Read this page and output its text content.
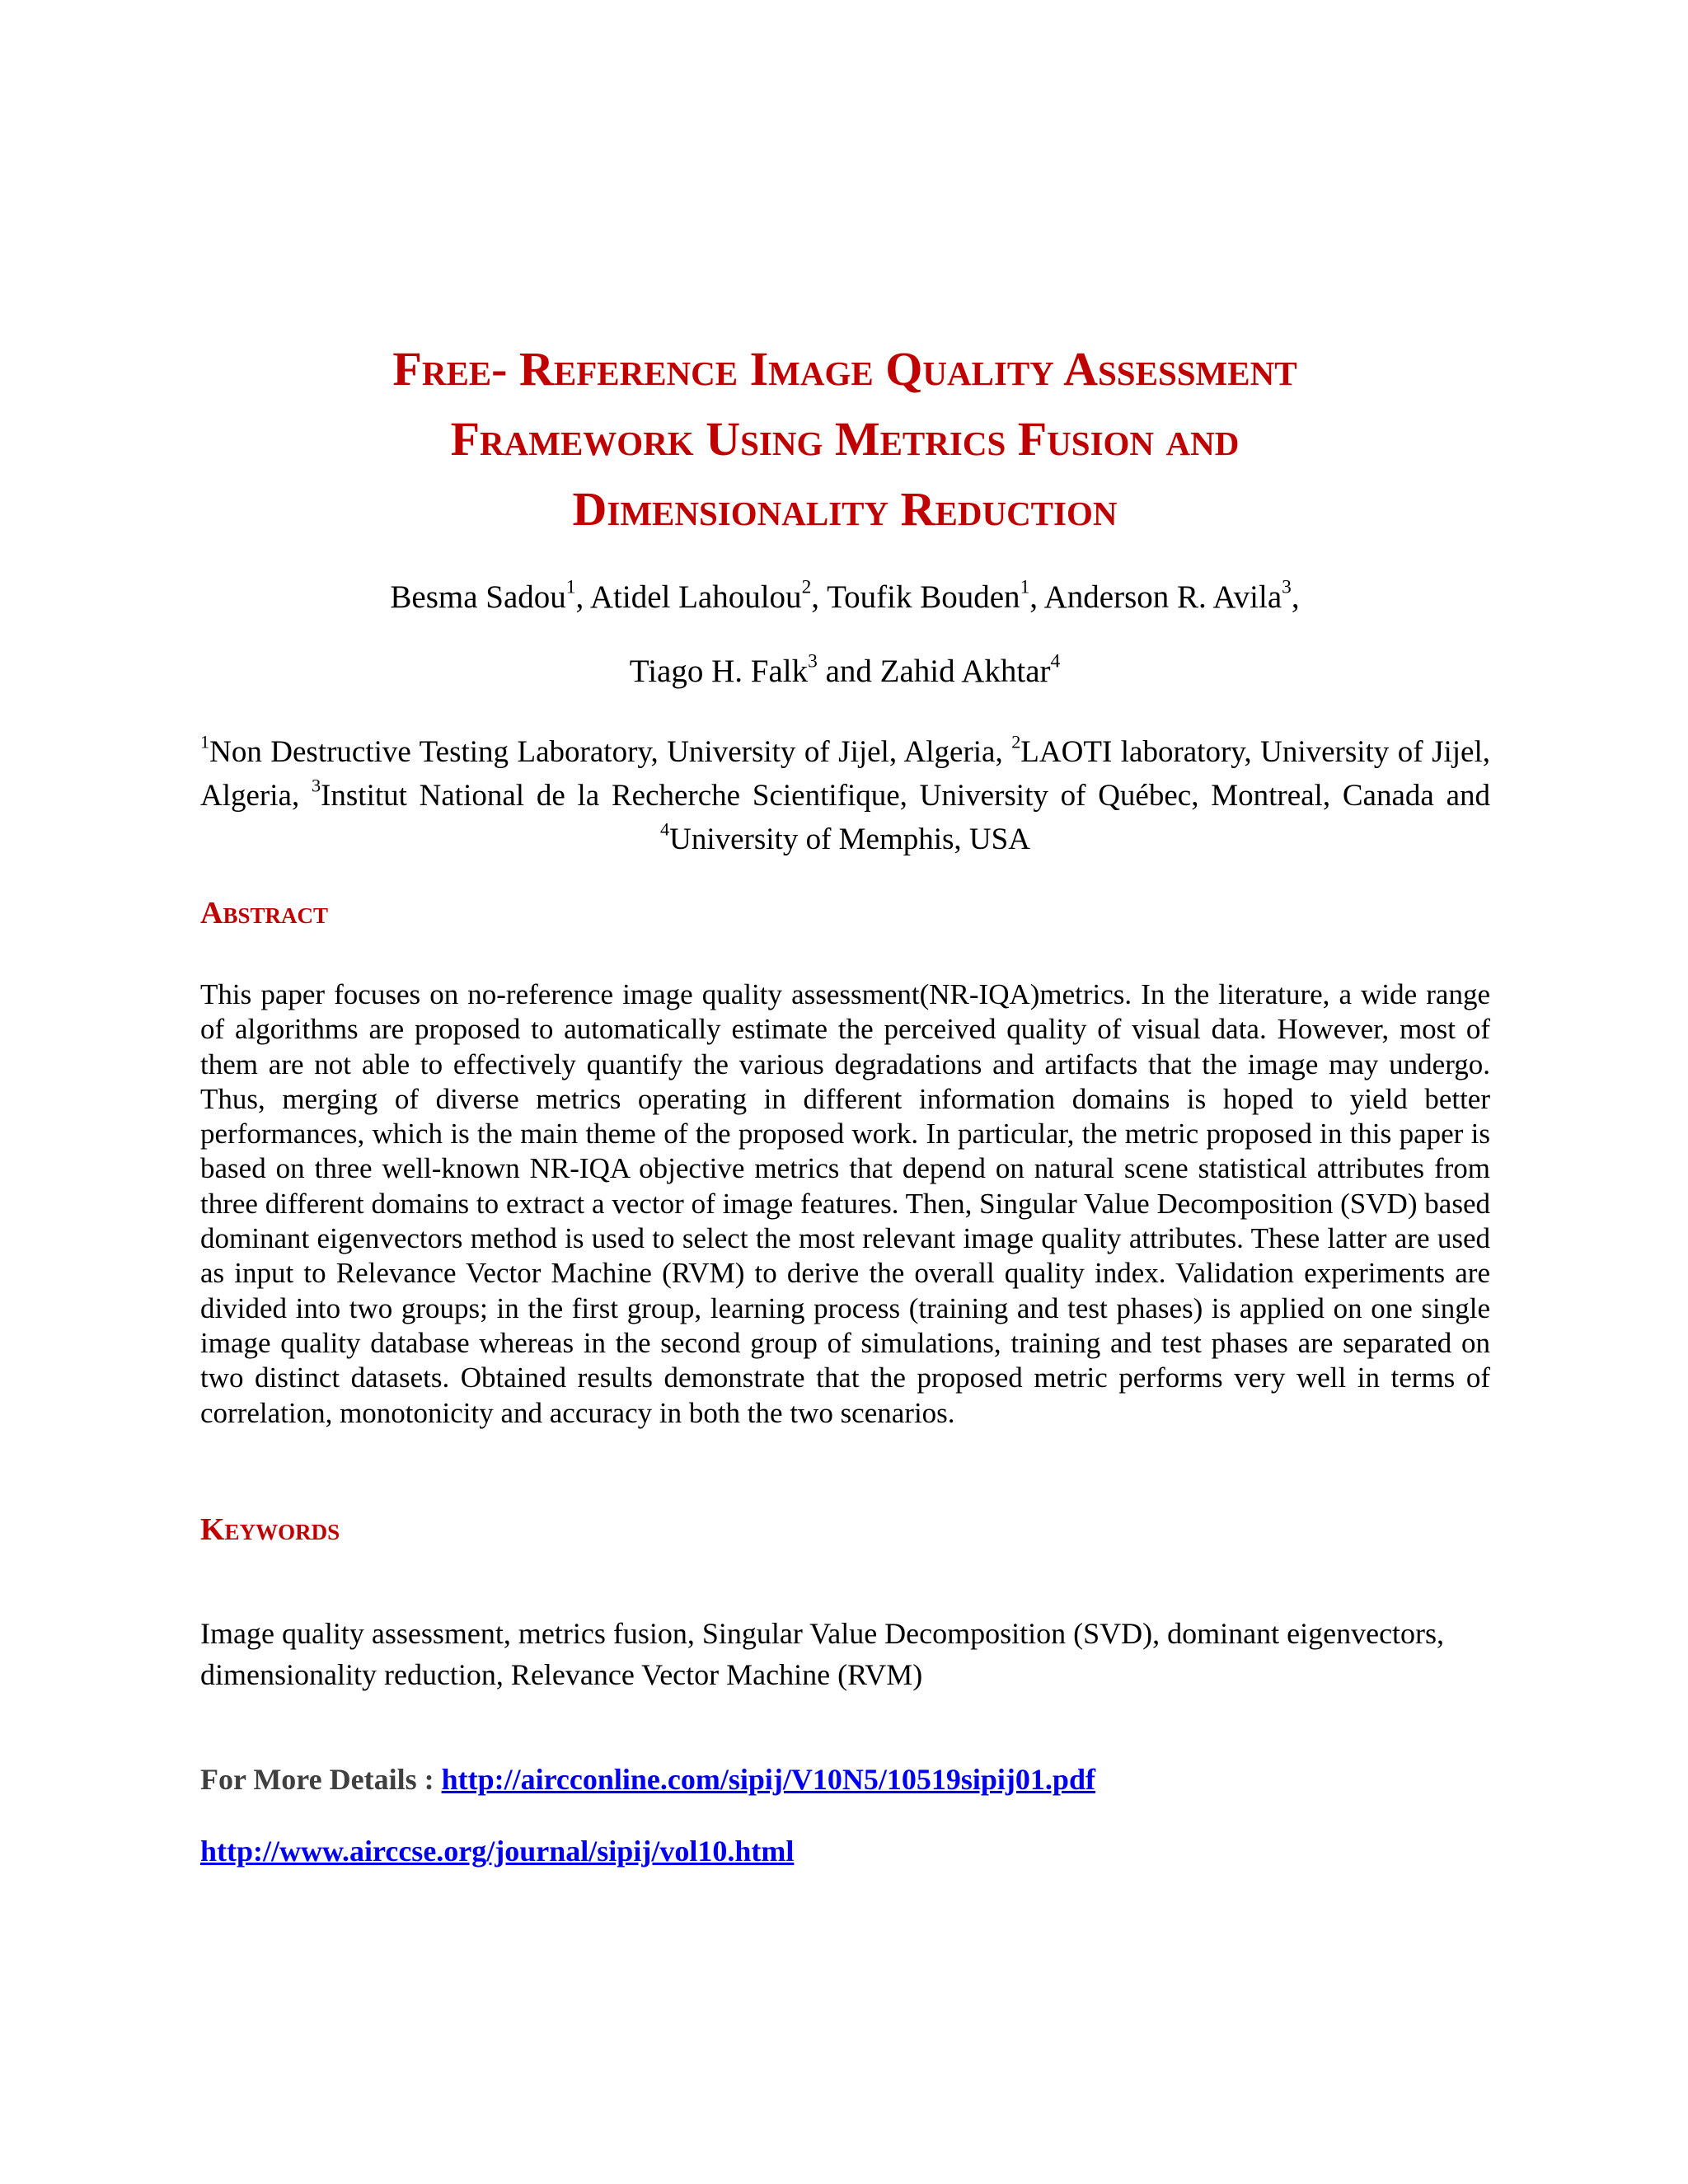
Free- Reference Image Quality Assessment
Framework Using Metrics Fusion and
Dimensionality Reduction
Besma Sadou$^1$, Atidel Lahoulou$^2$, Toufik Bouden$^1$, Anderson R. Avila$^3$,
Tiago H. Falk$^3$ and Zahid Akhtar$^4$
$^1$Non Destructive Testing Laboratory, University of Jijel, Algeria, $^2$LAOTI laboratory, University of Jijel, Algeria, $^3$Institut National de la Recherche Scientifique, University of Québec, Montreal, Canada and $^4$University of Memphis, USA
Abstract
This paper focuses on no-reference image quality assessment(NR-IQA)metrics. In the literature, a wide range of algorithms are proposed to automatically estimate the perceived quality of visual data. However, most of them are not able to effectively quantify the various degradations and artifacts that the image may undergo. Thus, merging of diverse metrics operating in different information domains is hoped to yield better performances, which is the main theme of the proposed work. In particular, the metric proposed in this paper is based on three well-known NR-IQA objective metrics that depend on natural scene statistical attributes from three different domains to extract a vector of image features. Then, Singular Value Decomposition (SVD) based dominant eigenvectors method is used to select the most relevant image quality attributes. These latter are used as input to Relevance Vector Machine (RVM) to derive the overall quality index. Validation experiments are divided into two groups; in the first group, learning process (training and test phases) is applied on one single image quality database whereas in the second group of simulations, training and test phases are separated on two distinct datasets. Obtained results demonstrate that the proposed metric performs very well in terms of correlation, monotonicity and accuracy in both the two scenarios.
Keywords
Image quality assessment, metrics fusion, Singular Value Decomposition (SVD), dominant eigenvectors, dimensionality reduction, Relevance Vector Machine (RVM)
For More Details : http://aircconline.com/sipij/V10N5/10519sipij01.pdf
http://www.airccse.org/journal/sipij/vol10.html
